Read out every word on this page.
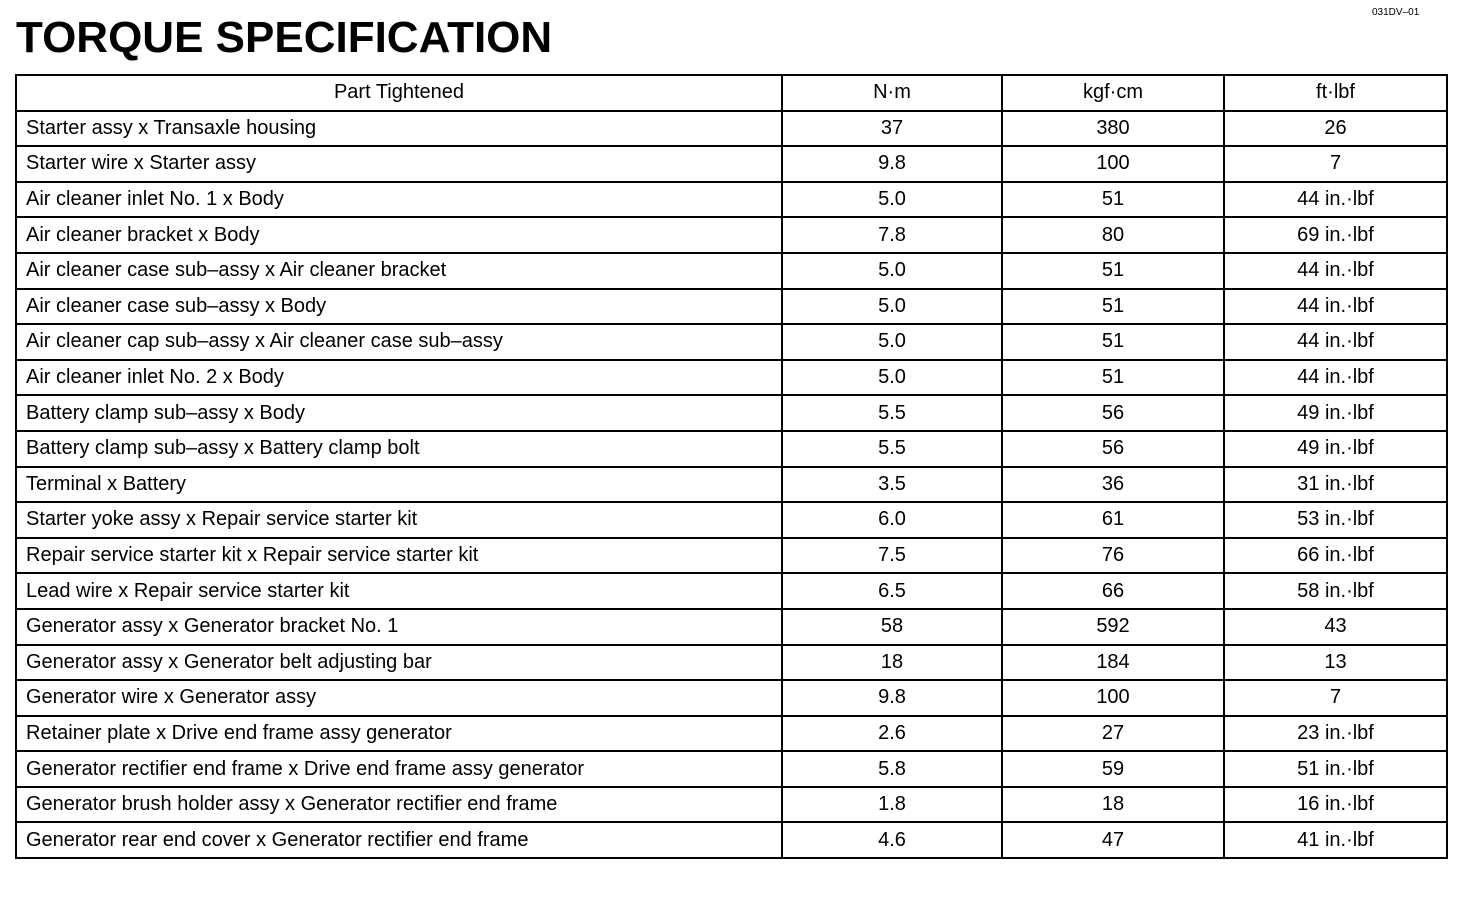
031DV–01
TORQUE SPECIFICATION
Part Tightened	N·m	kgf·cm	ft·lbf
Starter assy x Transaxle housing	37	380	26
Starter wire x Starter assy	9.8	100	7
Air cleaner inlet No. 1 x Body	5.0	51	44 in.·lbf
Air cleaner bracket x Body	7.8	80	69 in.·lbf
Air cleaner case sub–assy x Air cleaner bracket	5.0	51	44 in.·lbf
Air cleaner case sub–assy x Body	5.0	51	44 in.·lbf
Air cleaner cap sub–assy x Air cleaner case sub–assy	5.0	51	44 in.·lbf
Air cleaner inlet No. 2 x Body	5.0	51	44 in.·lbf
Battery clamp sub–assy x Body	5.5	56	49 in.·lbf
Battery clamp sub–assy x Battery clamp bolt	5.5	56	49 in.·lbf
Terminal x Battery	3.5	36	31 in.·lbf
Starter yoke assy x Repair service starter kit	6.0	61	53 in.·lbf
Repair service starter kit x Repair service starter kit	7.5	76	66 in.·lbf
Lead wire x Repair service starter kit	6.5	66	58 in.·lbf
Generator assy x Generator bracket No. 1	58	592	43
Generator assy x Generator belt adjusting bar	18	184	13
Generator wire x Generator assy	9.8	100	7
Retainer plate x Drive end frame assy generator	2.6	27	23 in.·lbf
Generator rectifier end frame x Drive end frame assy generator	5.8	59	51 in.·lbf
Generator brush holder assy x Generator rectifier end frame	1.8	18	16 in.·lbf
Generator rear end cover x Generator rectifier end frame	4.6	47	41 in.·lbf
